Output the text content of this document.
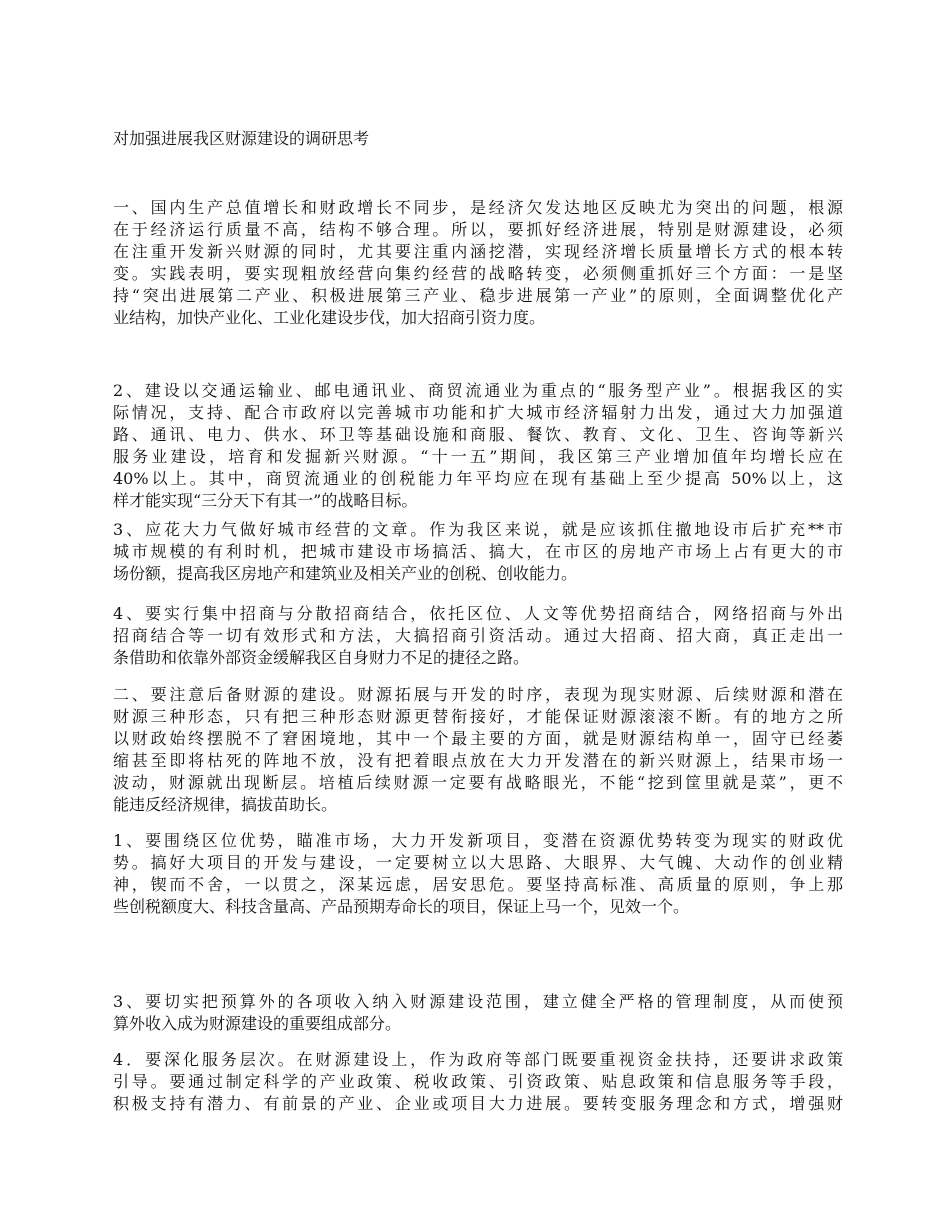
对加强进展我区财源建设的调研思考
一、国内生产总值增长和财政增长不同步，是经济欠发达地区反映尤为突出的问题，根源
在于经济运行质量不高，结构不够合理。所以，要抓好经济进展，特别是财源建设，必须
在注重开发新兴财源的同时，尤其要注重内涵挖潜，实现经济增长质量增长方式的根本转
变。实践表明，要实现粗放经营向集约经营的战略转变，必须侧重抓好三个方面：一是坚
持“突出进展第二产业、积极进展第三产业、稳步进展第一产业”的原则，全面调整优化产
业结构，加快产业化、工业化建设步伐，加大招商引资力度。
2、建设以交通运输业、邮电通讯业、商贸流通业为重点的“服务型产业”。根据我区的实
际情况，支持、配合市政府以完善城市功能和扩大城市经济辐射力出发，通过大力加强道
路、通讯、电力、供水、环卫等基础设施和商服、餐饮、教育、文化、卫生、咨询等新兴
服务业建设，培育和发掘新兴财源。“十一五”期间，我区第三产业增加值年均增长应在
40%以上。其中，商贸流通业的创税能力年平均应在现有基础上至少提高 50%以上，这
样才能实现“三分天下有其一”的战略目标。
3、应花大力气做好城市经营的文章。作为我区来说，就是应该抓住撤地设市后扩充**市
城市规模的有利时机，把城市建设市场搞活、搞大，在市区的房地产市场上占有更大的市
场份额，提高我区房地产和建筑业及相关产业的创税、创收能力。
4、要实行集中招商与分散招商结合，依托区位、人文等优势招商结合，网络招商与外出
招商结合等一切有效形式和方法，大搞招商引资活动。通过大招商、招大商，真正走出一
条借助和依靠外部资金缓解我区自身财力不足的捷径之路。
二、要注意后备财源的建设。财源拓展与开发的时序，表现为现实财源、后续财源和潜在
财源三种形态，只有把三种形态财源更替衔接好，才能保证财源滚滚不断。有的地方之所
以财政始终摆脱不了窘困境地，其中一个最主要的方面，就是财源结构单一，固守已经萎
缩甚至即将枯死的阵地不放，没有把着眼点放在大力开发潜在的新兴财源上，结果市场一
波动，财源就出现断层。培植后续财源一定要有战略眼光，不能“挖到筐里就是菜”，更不
能违反经济规律，搞拔苗助长。
1、要围绕区位优势，瞄准市场，大力开发新项目，变潜在资源优势转变为现实的财政优
势。搞好大项目的开发与建设，一定要树立以大思路、大眼界、大气魄、大动作的创业精
神，锲而不舍，一以贯之，深某远虑，居安思危。要坚持高标准、高质量的原则，争上那
些创税额度大、科技含量高、产品预期寿命长的项目，保证上马一个，见效一个。
3、要切实把预算外的各项收入纳入财源建设范围，建立健全严格的管理制度，从而使预
算外收入成为财源建设的重要组成部分。
4．要深化服务层次。在财源建设上，作为政府等部门既要重视资金扶持，还要讲求政策
引导。要通过制定科学的产业政策、税收政策、引资政策、贴息政策和信息服务等手段，
积极支持有潜力、有前景的产业、企业或项目大力进展。要转变服务理念和方式，增强财
